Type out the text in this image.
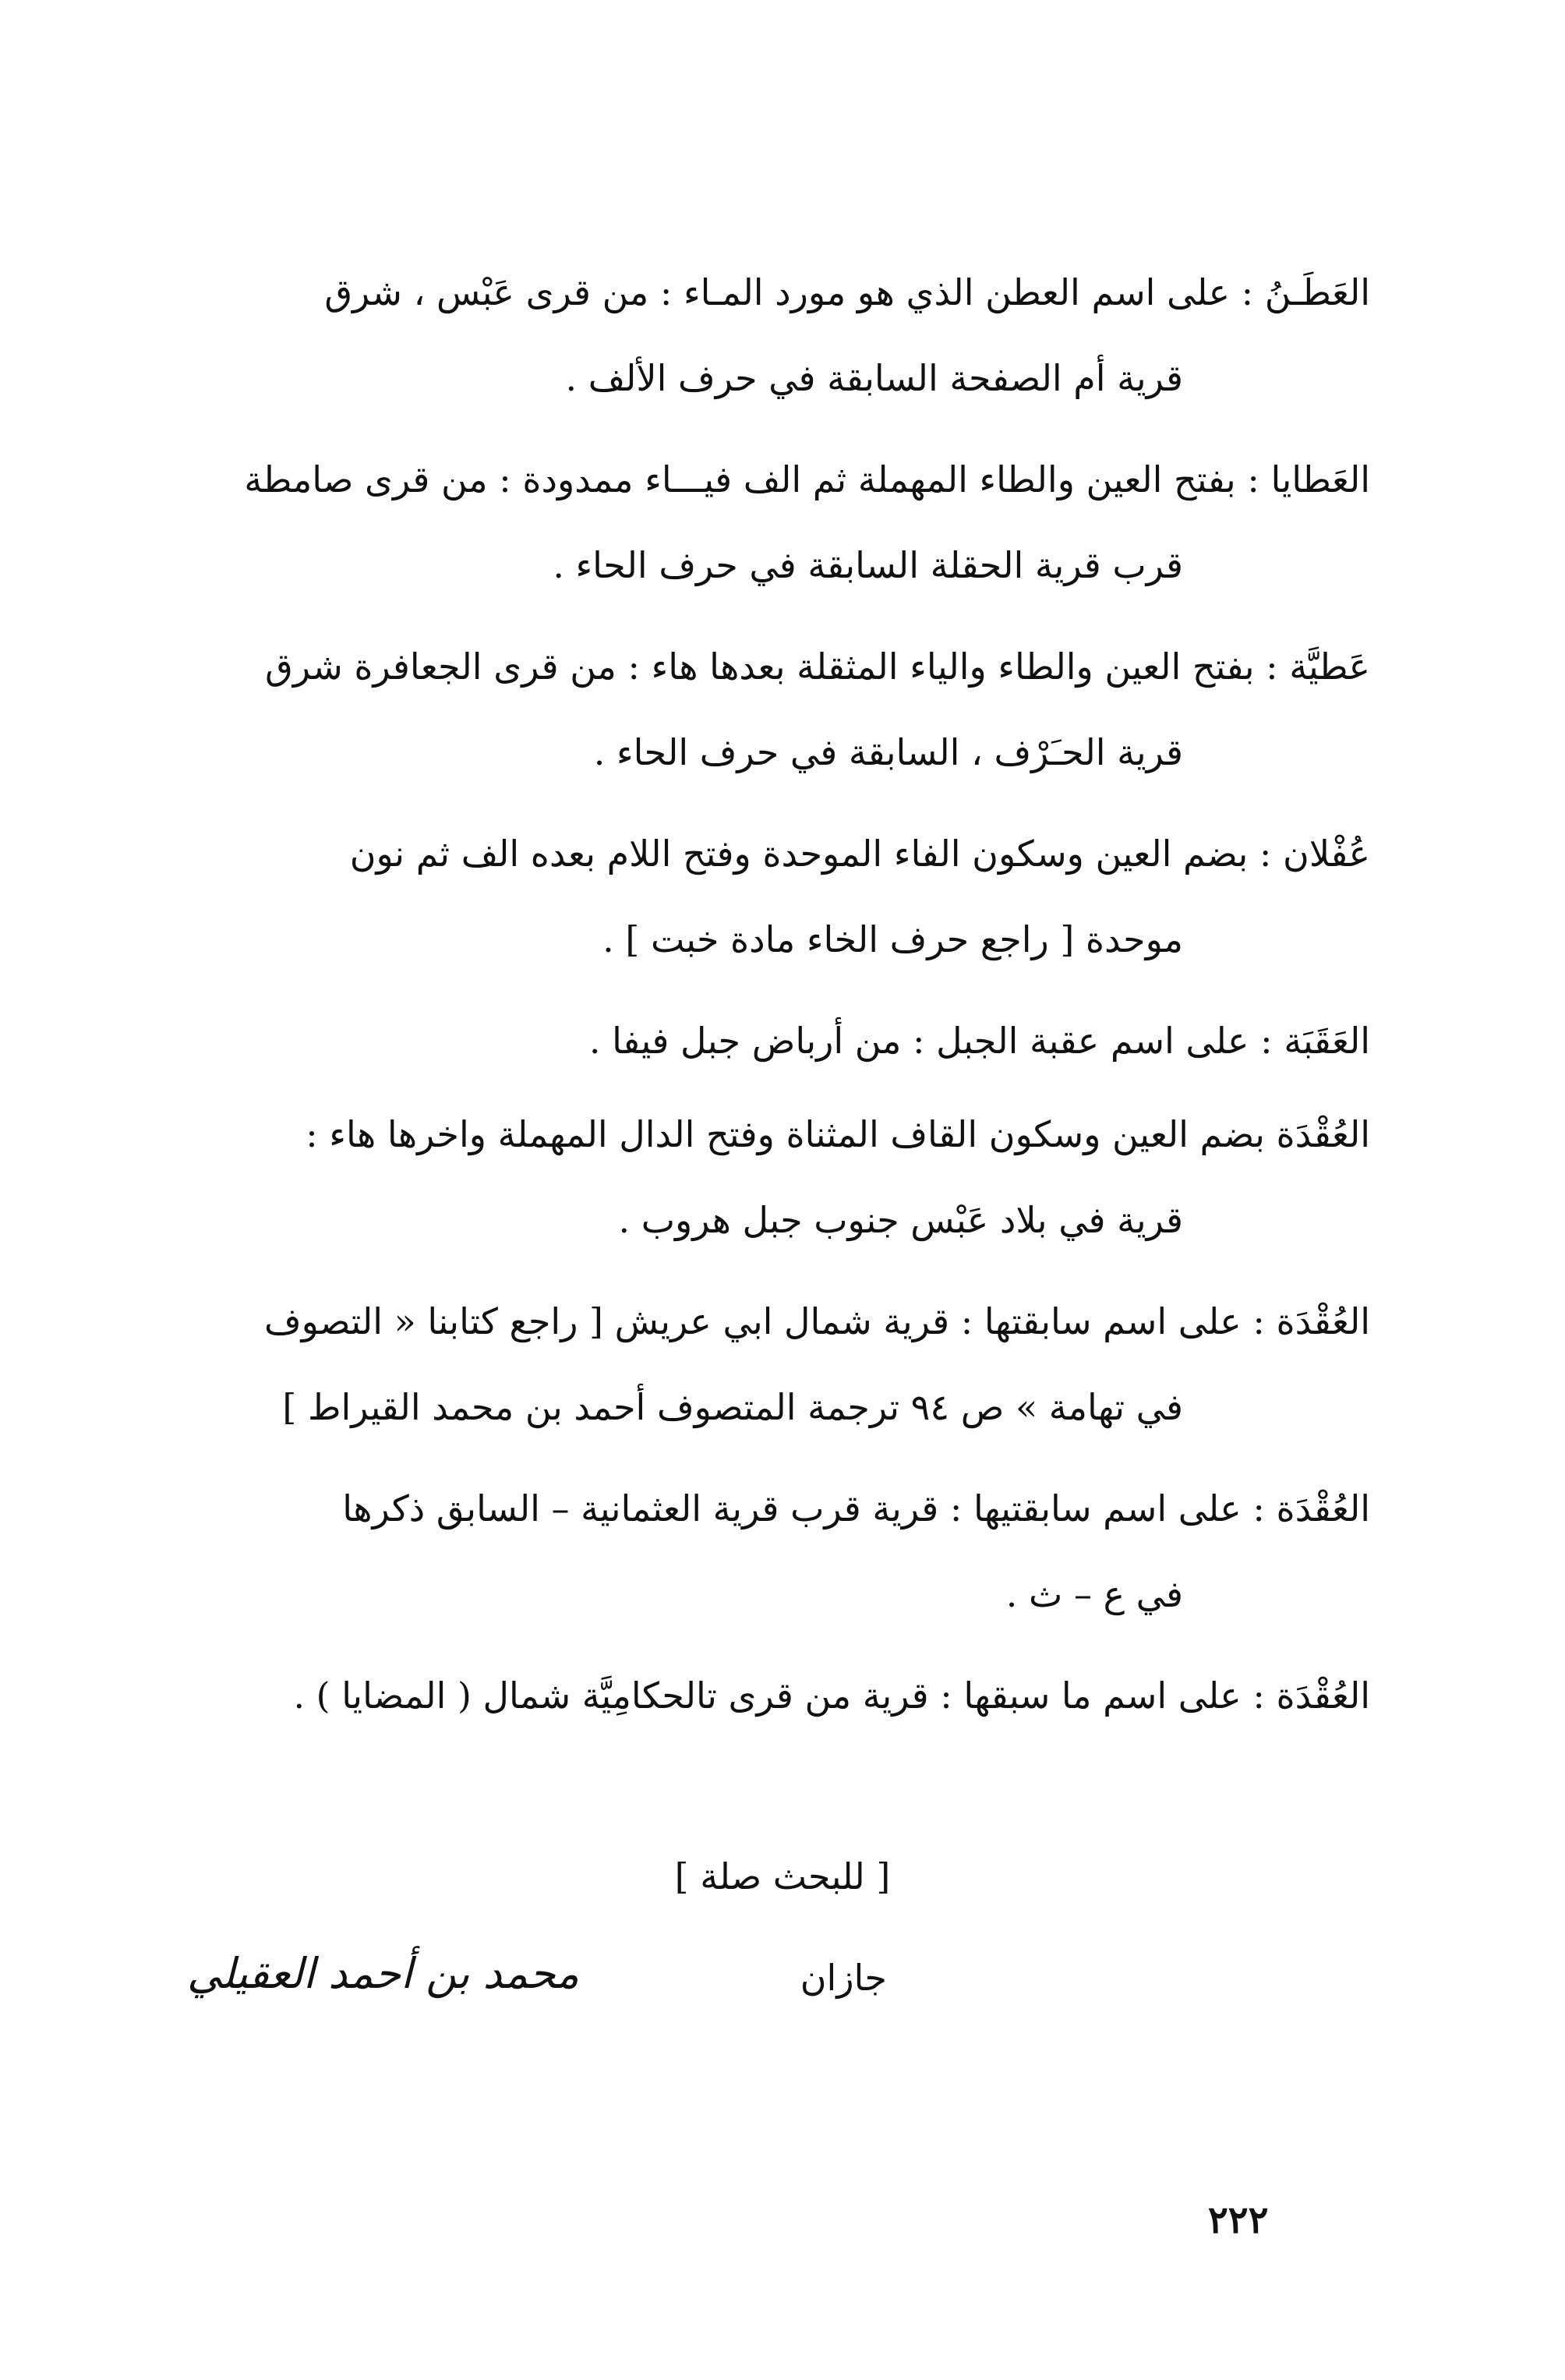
العَطَـنُ : على اسم العطن الذي هو مورد المـاء : من قرى عَبْس ، شرق

قرية أم الصفحة السابقة في حرف الألف .

العَطايا : بفتح العين والطاء المهملة ثم الف فيـــاء ممدودة : من قرى صامطة

قرب قرية الحقلة السابقة في حرف الحاء .

عَطيَّة : بفتح العين والطاء والياء المثقلة بعدها هاء : من قرى الجعافرة شرق

قرية الحـَرْف ، السابقة في حرف الحاء .

عُفْلان : بضم العين وسكون الفاء الموحدة وفتح اللام بعده الف ثم نون

موحدة [ راجع حرف الخاء مادة خبت ] .

العَقَبَة : على اسم عقبة الجبل : من أرباض جبل فيفا .

العُقْدَة بضم العين وسكون القاف المثناة وفتح الدال المهملة واخرها هاء :

قرية في بلاد عَبْس جنوب جبل هروب .

العُقْدَة : على اسم سابقتها : قرية شمال ابي عريش [ راجع كتابنا « التصوف

في تهامة » ص ٩٤ ترجمة المتصوف أحمد بن محمد القيراط ]

العُقْدَة : على اسم سابقتيها : قرية قرب قرية العثمانية – السابق ذكرها

في ع – ث .

العُقْدَة : على اسم ما سبقها : قرية من قرى تالحكامِيَّة شمال ( المضايا ) .

[ للبحث صلة ]
جازان
محمد بن أحمد العقيلي
٢٢٢
